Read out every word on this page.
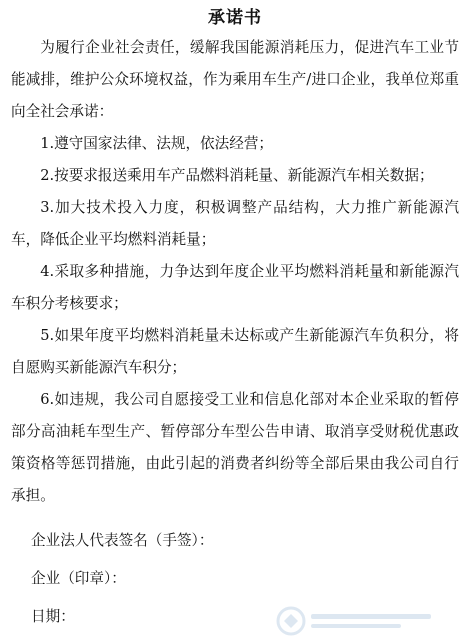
承诺书

为履行企业社会责任，缓解我国能源消耗压力，促进汽车工业节能减排，维护公众环境权益，作为乘用车生产/进口企业，我单位郑重向全社会承诺：

1.遵守国家法律、法规，依法经营；

2.按要求报送乘用车产品燃料消耗量、新能源汽车相关数据；

3.加大技术投入力度，积极调整产品结构，大力推广新能源汽车，降低企业平均燃料消耗量；

4.采取多种措施，力争达到年度企业平均燃料消耗量和新能源汽车积分考核要求；

5.如果年度平均燃料消耗量未达标或产生新能源汽车负积分，将自愿购买新能源汽车积分；

6.如违规，我公司自愿接受工业和信息化部对本企业采取的暂停部分高油耗车型生产、暂停部分车型公告申请、取消享受财税优惠政策资格等惩罚措施，由此引起的消费者纠纷等全部后果由我公司自行承担。

企业法人代表签名（手签）：

企业（印章）：

日期：
